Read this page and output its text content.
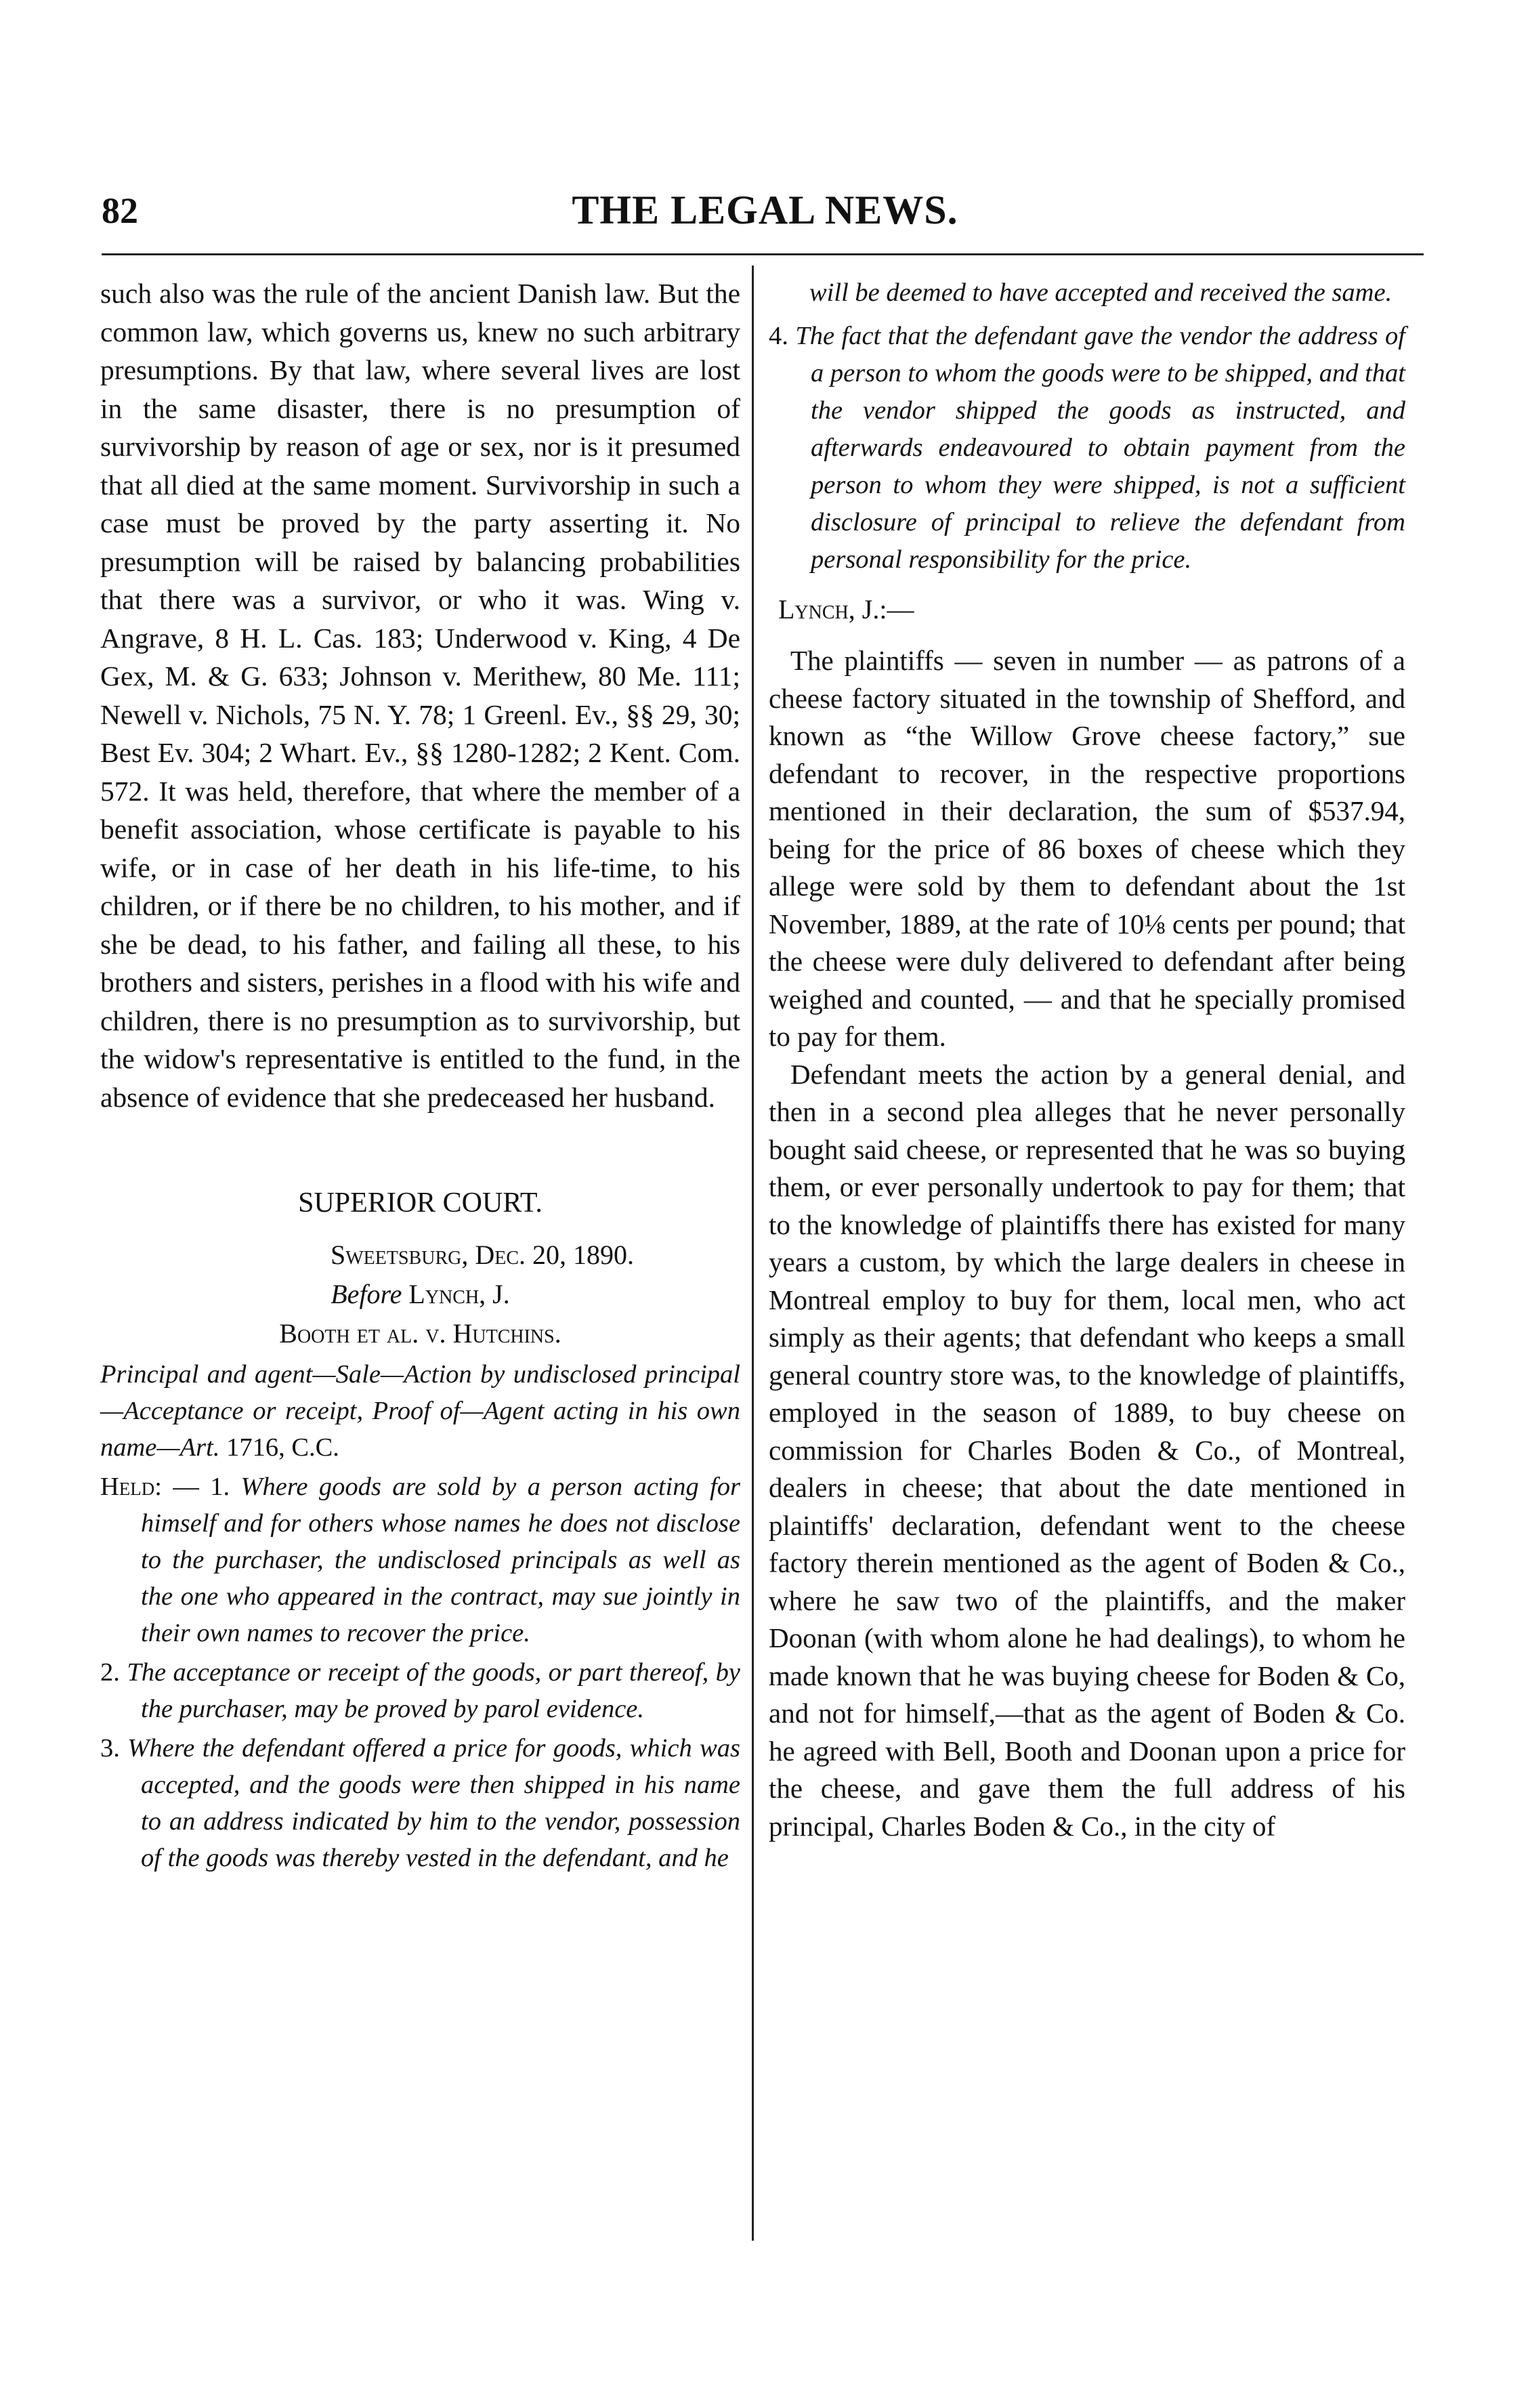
82	THE LEGAL NEWS.

such also was the rule of the ancient Danish law. But the common law, which governs us, knew no such arbitrary presumptions. By that law, where several lives are lost in the same disaster, there is no presumption of survivorship by reason of age or sex, nor is it presumed that all died at the same moment. Survivorship in such a case must be proved by the party asserting it. No presumption will be raised by balancing probabilities that there was a survivor, or who it was. Wing v. Angrave, 8 H. L. Cas. 183; Underwood v. King, 4 De Gex, M. & G. 633; Johnson v. Merithew, 80 Me. 111; Newell v. Nichols, 75 N. Y. 78; 1 Greenl. Ev., §§ 29, 30; Best Ev. 304; 2 Whart. Ev., §§ 1280-1282; 2 Kent. Com. 572. It was held, therefore, that where the member of a benefit association, whose certificate is payable to his wife, or in case of her death in his life-time, to his children, or if there be no children, to his mother, and if she be dead, to his father, and failing all these, to his brothers and sisters, perishes in a flood with his wife and children, there is no presumption as to survivorship, but the widow's representative is entitled to the fund, in the absence of evidence that she predeceased her husband.

SUPERIOR COURT.

Sweetsburg, Dec. 20, 1890.

Before Lynch, J.

Booth et al. v. Hutchins.

Principal and agent—Sale—Action by undisclosed principal—Acceptance or receipt, Proof of—Agent acting in his own name—Art. 1716, C.C.

Held: — 1. Where goods are sold by a person acting for himself and for others whose names he does not disclose to the purchaser, the undisclosed principals as well as the one who appeared in the contract, may sue jointly in their own names to recover the price.

2. The acceptance or receipt of the goods, or part thereof, by the purchaser, may be proved by parol evidence.

3. Where the defendant offered a price for goods, which was accepted, and the goods were then shipped in his name to an address indicated by him to the vendor, possession of the goods was thereby vested in the defendant, and he

will be deemed to have accepted and received the same.

4. The fact that the defendant gave the vendor the address of a person to whom the goods were to be shipped, and that the vendor shipped the goods as instructed, and afterwards endeavoured to obtain payment from the person to whom they were shipped, is not a sufficient disclosure of principal to relieve the defendant from personal responsibility for the price.

Lynch, J.:—

The plaintiffs — seven in number — as patrons of a cheese factory situated in the township of Shefford, and known as “the Willow Grove cheese factory,” sue defendant to recover, in the respective proportions mentioned in their declaration, the sum of $537.94, being for the price of 86 boxes of cheese which they allege were sold by them to defendant about the 1st November, 1889, at the rate of 10⅛ cents per pound; that the cheese were duly delivered to defendant after being weighed and counted, — and that he specially promised to pay for them.

Defendant meets the action by a general denial, and then in a second plea alleges that he never personally bought said cheese, or represented that he was so buying them, or ever personally undertook to pay for them; that to the knowledge of plaintiffs there has existed for many years a custom, by which the large dealers in cheese in Montreal employ to buy for them, local men, who act simply as their agents; that defendant who keeps a small general country store was, to the knowledge of plaintiffs, employed in the season of 1889, to buy cheese on commission for Charles Boden & Co., of Montreal, dealers in cheese; that about the date mentioned in plaintiffs' declaration, defendant went to the cheese factory therein mentioned as the agent of Boden & Co., where he saw two of the plaintiffs, and the maker Doonan (with whom alone he had dealings), to whom he made known that he was buying cheese for Boden & Co, and not for himself,—that as the agent of Boden & Co. he agreed with Bell, Booth and Doonan upon a price for the cheese, and gave them the full address of his principal, Charles Boden & Co., in the city of
